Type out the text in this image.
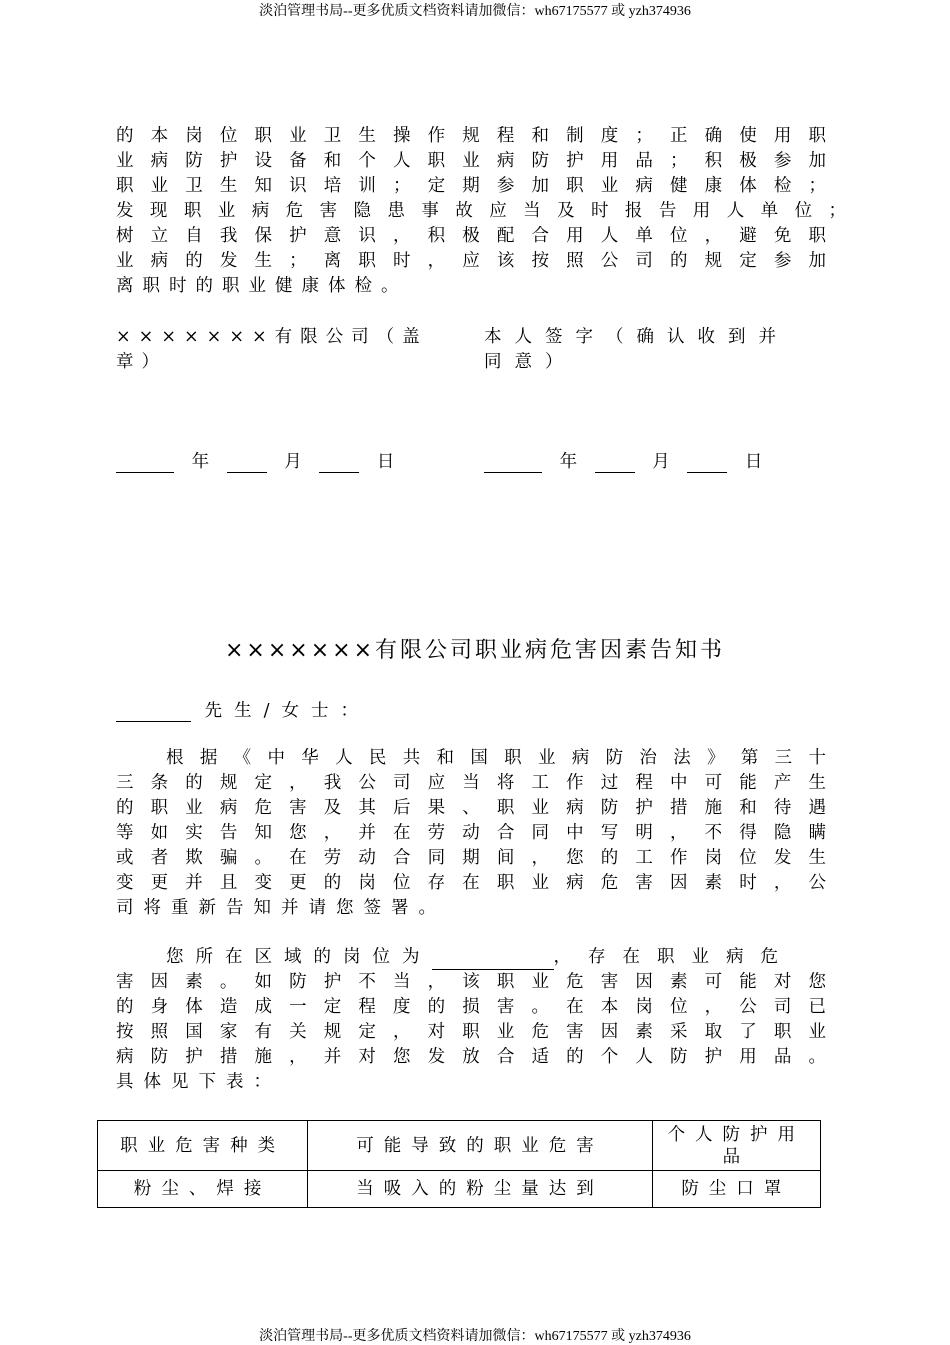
淡泊管理书局--更多优质文档资料请加微信：wh67175577 或 yzh374936
的本岗位职业卫生操作规程和制度；正确使用职
业病防护设备和个人职业病防护用品；积极参加
职业卫生知识培训；定期参加职业病健康体检；
发现职业病危害隐患事故应当及时报告用人单位；
树立自我保护意识，积极配合用人单位，避免职
业病的发生；离职时，应该按照公司的规定参加
离职时的职业健康体检。
×××××××有限公司（盖
章）
本人签字（确认收到并
同意）
年	月	日	年	月	日
×××××××有限公司职业病危害因素告知书
先生/女士：
根据《中华人民共和国职业病防治法》第三十
三条的规定，我公司应当将工作过程中可能产生
的职业病危害及其后果、职业病防护措施和待遇
等如实告知您，并在劳动合同中写明，不得隐瞒
或者欺骗。在劳动合同期间，您的工作岗位发生
变更并且变更的岗位存在职业病危害因素时，公
司将重新告知并请您签署。
您所在区域的岗位为	，存在职业病危
害因素。如防护不当，该职业危害因素可能对您
的身体造成一定程度的损害。在本岗位，公司已
按照国家有关规定，对职业危害因素采取了职业
病防护措施，并对您发放合适的个人防护用品。
具体见下表：
职业危害种类	可能导致的职业危害	个人防护用品
粉尘、焊接	当吸入的粉尘量达到	防尘口罩
淡泊管理书局--更多优质文档资料请加微信：wh67175577 或 yzh374936
